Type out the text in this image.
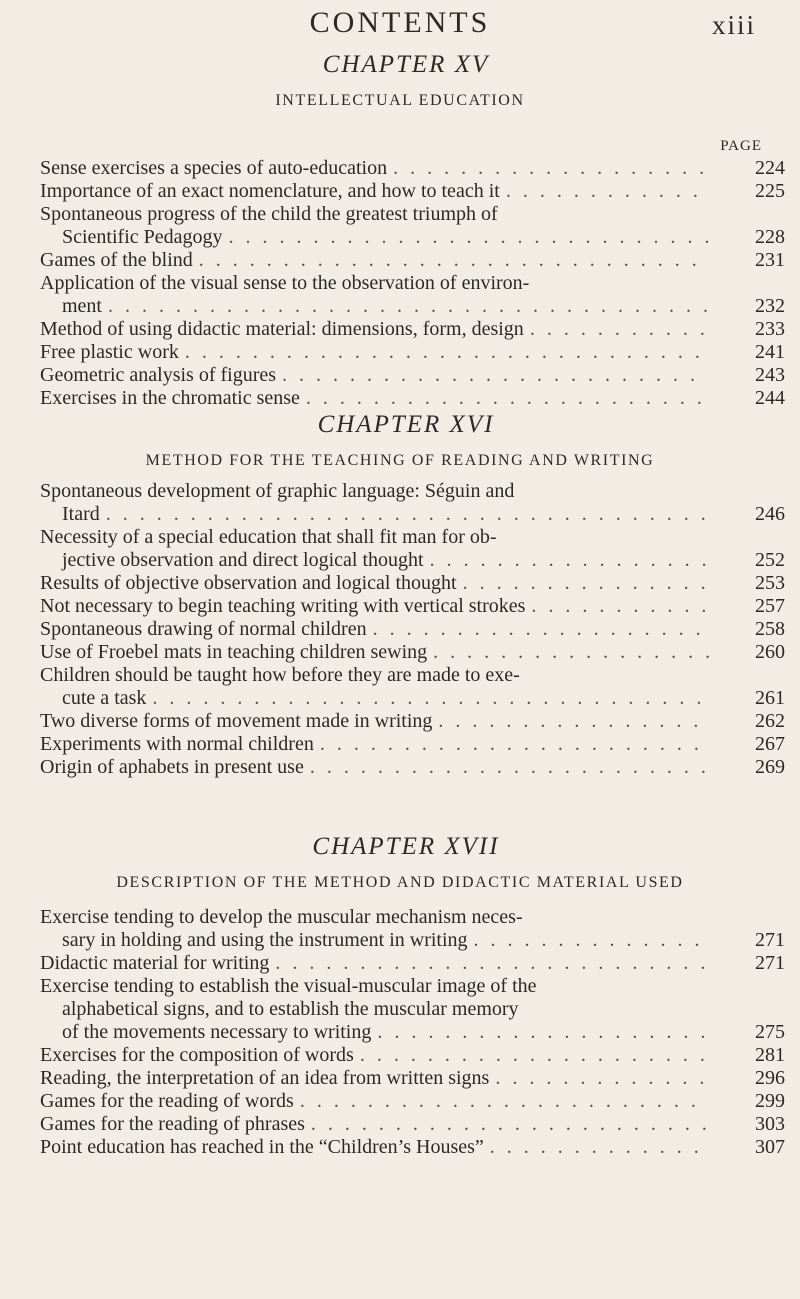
CONTENTS	xiii
CHAPTER XV
INTELLECTUAL EDUCATION
PAGE
Sense exercises a species of auto-education ...................	224
Importance of an exact nomenclature, and how to teach it ............	225
Spontaneous progress of the child the greatest triumph of
Scientific Pedagogy .............................	228
Games of the blind ..............................	231
Application of the visual sense to the observation of environ-
ment ....................................	232
Method of using didactic material: dimensions, form, design ...........	233
Free plastic work ...............................	241
Geometric analysis of figures .........................	243
Exercises in the chromatic sense ........................	244
CHAPTER XVI
METHOD FOR THE TEACHING OF READING AND WRITING
Spontaneous development of graphic language: Séguin and
Itard ....................................	246
Necessity of a special education that shall fit man for ob-
jective observation and direct logical thought .................	252
Results of objective observation and logical thought ...............	253
Not necessary to begin teaching writing with vertical strokes ...........	257
Spontaneous drawing of normal children ....................	258
Use of Froebel mats in teaching children sewing .................	260
Children should be taught how before they are made to exe-
cute a task .................................	261
Two diverse forms of movement made in writing ................	262
Experiments with normal children .......................	267
Origin of aphabets in present use ........................	269
CHAPTER XVII
DESCRIPTION OF THE METHOD AND DIDACTIC MATERIAL USED
Exercise tending to develop the muscular mechanism neces-
sary in holding and using the instrument in writing ..............	271
Didactic material for writing ..........................	271
Exercise tending to establish the visual-muscular image of the
alphabetical signs, and to establish the muscular memory
of the movements necessary to writing ....................	275
Exercises for the composition of words .....................	281
Reading, the interpretation of an idea from written signs .............	296
Games for the reading of words ........................	299
Games for the reading of phrases ........................	303
Point education has reached in the “Children’s Houses” .............	307
